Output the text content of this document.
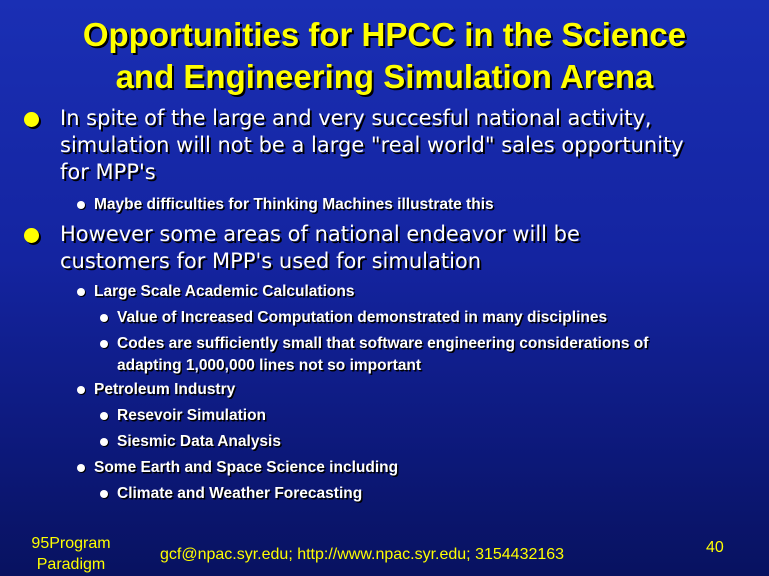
Opportunities for HPCC in the Science
and Engineering Simulation Arena
In spite of the large and very succesful national activity,
simulation will not be a large "real world" sales opportunity
for MPP's
Maybe difficulties for Thinking Machines illustrate this
However some areas of national endeavor will be
customers for MPP's used for simulation
Large Scale Academic Calculations
Value of Increased Computation demonstrated in many disciplines
Codes are sufficiently small that software engineering considerations of
adapting 1,000,000 lines not so important
Petroleum Industry
Resevoir Simulation
Siesmic Data Analysis
Some Earth and Space Science including
Climate and Weather Forecasting
95Program
Paradigm
gcf@npac.syr.edu; http://www.npac.syr.edu; 3154432163	40
